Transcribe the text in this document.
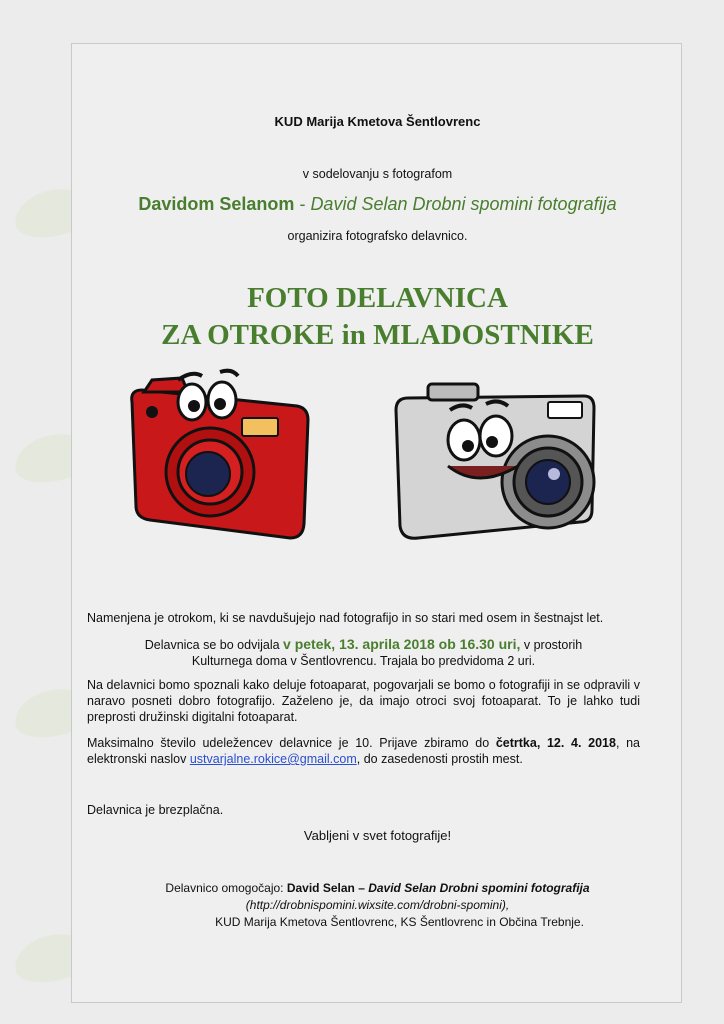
KUD Marija Kmetova Šentlovrenc
v sodelovanju s fotografom
Davidom Selanom - David Selan Drobni spomini fotografija
organizira fotografsko delavnico.
FOTO DELAVNICA
ZA OTROKE in MLADOSTNIKE
Namenjena je otrokom, ki se navdušujejo nad fotografijo in so stari med osem in šestnajst let.
Delavnica se bo odvijala v petek, 13. aprila 2018 ob 16.30 uri, v prostorih
Kulturnega doma v Šentlovrencu. Trajala bo predvidoma 2 uri.
Na delavnici bomo spoznali kako deluje fotoaparat, pogovarjali se bomo o fotografiji in se odpravili v naravo posneti dobro fotografijo. Zaželeno je, da imajo otroci svoj fotoaparat. To je lahko tudi preprosti družinski digitalni fotoaparat.
Maksimalno število udeležencev delavnice je 10. Prijave zbiramo do četrtka, 12. 4. 2018, na elektronski naslov ustvarjalne.rokice@gmail.com, do zasedenosti prostih mest.
Delavnica je brezplačna.
Vabljeni v svet fotografije!
Delavnico omogočajo: David Selan – David Selan Drobni spomini fotografija
(http://drobnispomini.wixsite.com/drobni-spomini),
KUD Marija Kmetova Šentlovrenc, KS Šentlovrenc in Občina Trebnje.
